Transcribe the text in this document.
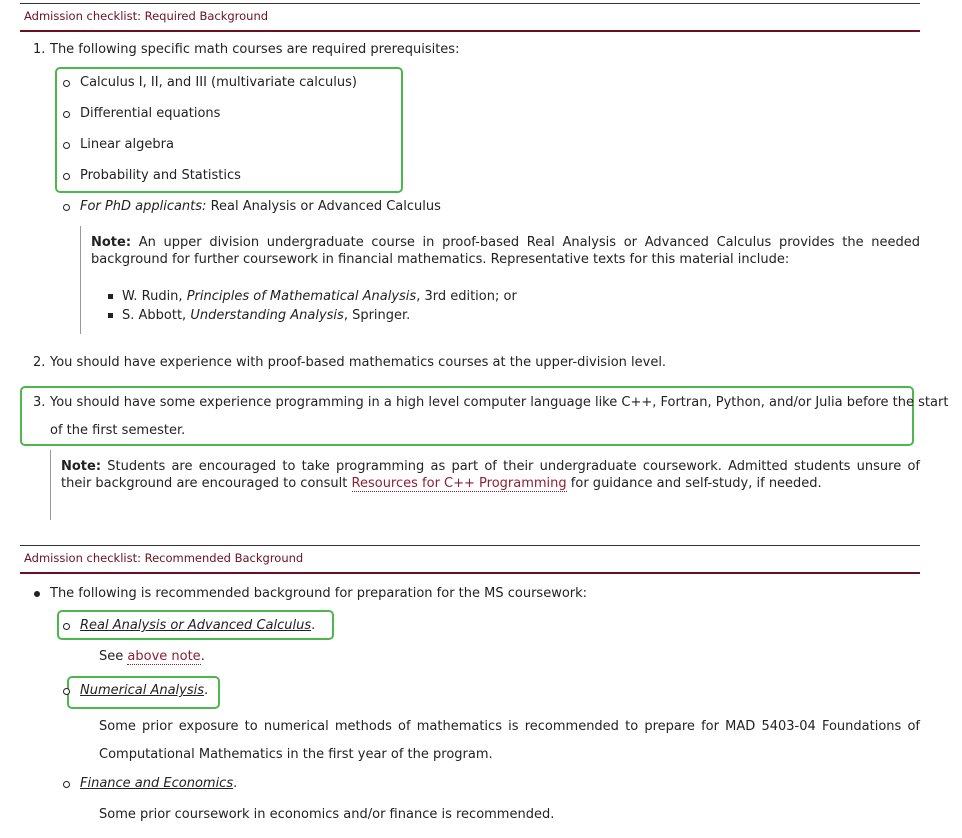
Admission checklist: Required Background
1. The following specific math courses are required prerequisites:
Calculus I, II, and III (multivariate calculus)
Differential equations
Linear algebra
Probability and Statistics
For PhD applicants: Real Analysis or Advanced Calculus
Note: An upper division undergraduate course in proof-based Real Analysis or Advanced Calculus provides the needed background for further coursework in financial mathematics. Representative texts for this material include:
W. Rudin, Principles of Mathematical Analysis, 3rd edition; or
S. Abbott, Understanding Analysis, Springer.
2. You should have experience with proof-based mathematics courses at the upper-division level.
3. You should have some experience programming in a high level computer language like C++, Fortran, Python, and/or Julia before the start
of the first semester.
Note: Students are encouraged to take programming as part of their undergraduate coursework. Admitted students unsure of their background are encouraged to consult Resources for C++ Programming for guidance and self-study, if needed.
Admission checklist: Recommended Background
The following is recommended background for preparation for the MS coursework:
Real Analysis or Advanced Calculus.
See above note.
Numerical Analysis.
Some prior exposure to numerical methods of mathematics is recommended to prepare for MAD 5403-04 Foundations of Computational Mathematics in the first year of the program.
Finance and Economics.
Some prior coursework in economics and/or finance is recommended.
